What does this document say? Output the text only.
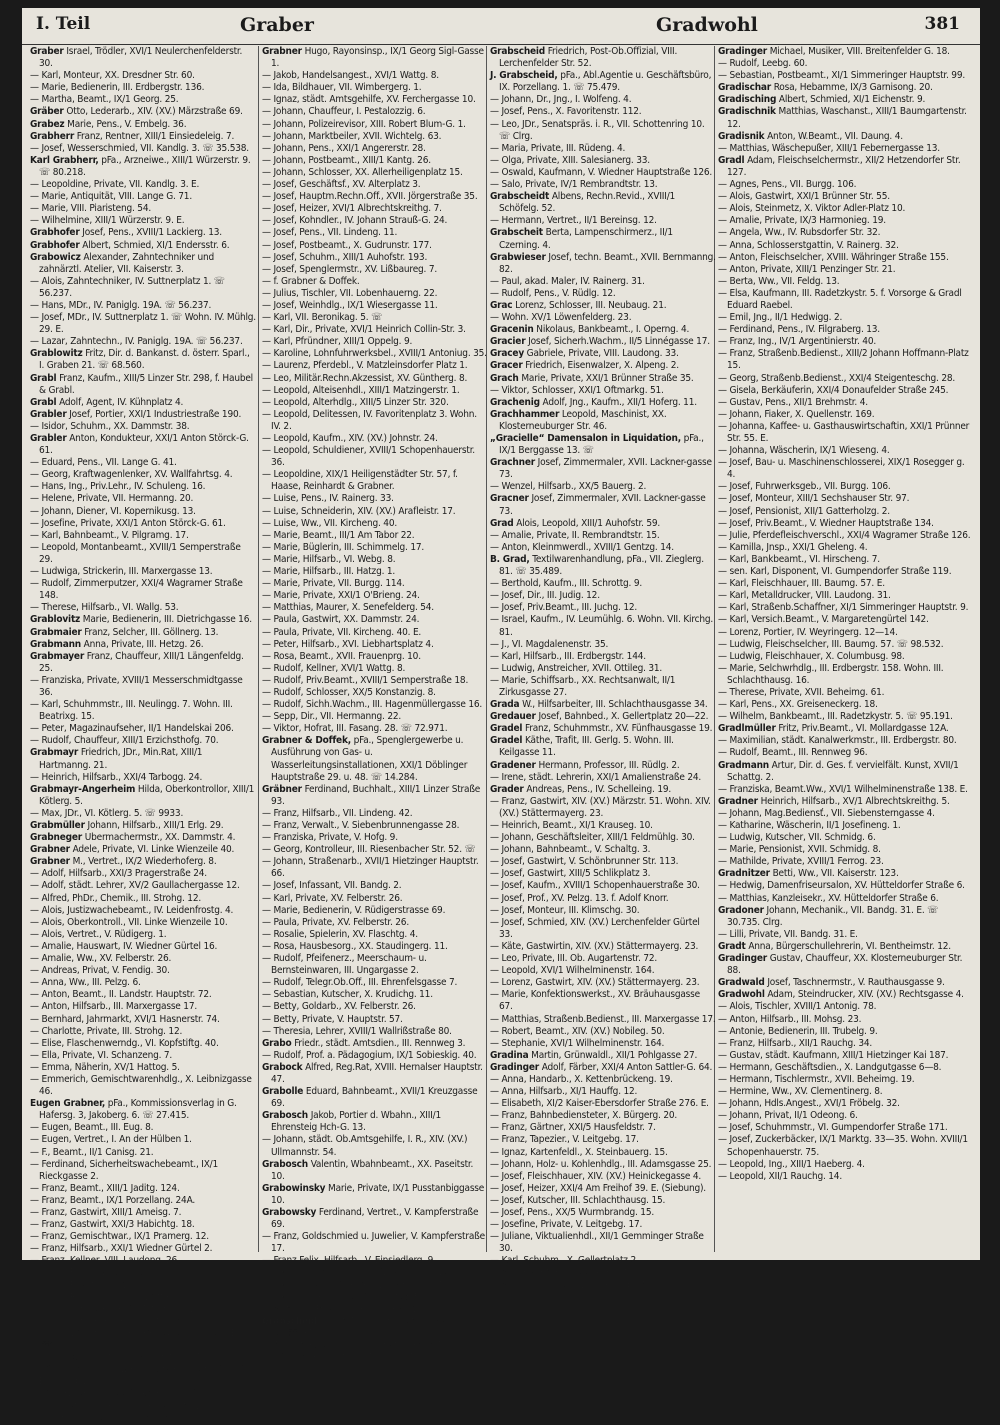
I. Teil	Graber	Gradwohl	381

Graber Israel, Trödler, XVI/1 Neulerchenfelderstr. 30.

— Karl, Monteur, XX. Dresdner Str. 60.

— Marie, Bedienerin, III. Erdbergstr. 136.

— Martha, Beamt., IX/1 Georg. 25.

Gräber Otto, Lederarb., XIV. (XV.) Märzstraße 69.

Grabez Marie, Pens., V. Embelg. 36.

Grabherr Franz, Rentner, XIII/1 Einsiedeleig. 7.

— Josef, Wesserschmied, VII. Kandlg. 3. ☏ 35.538.

Karl Grabherr, pFa., Arzneiwe., XIII/1 Würzerstr. 9. ☏ 80.218.

— Leopoldine, Private, VII. Kandlg. 3. E.

— Marie, Antiquität, VIII. Lange G. 71.

— Marie, VIII. Piaristeng. 54.

— Wilhelmine, XIII/1 Würzerstr. 9. E.

Grabhofer Josef, Pens., XVIII/1 Lackierg. 13.

Grabhofer Albert, Schmied, XI/1 Endersstr. 6.

Grabowicz Alexander, Zahntechniker und zahnärztl. Atelier, VII. Kaiserstr. 3.

— Alois, Zahntechniker, IV. Suttnerplatz 1. ☏ 56.237.

— Hans, MDr., IV. Paniglg. 19A. ☏ 56.237.

— Josef, MDr., IV. Suttnerplatz 1. ☏ Wohn. IV. Mühlg. 29. E.

— Lazar, Zahntechn., IV. Paniglg. 19A. ☏ 56.237.

Grablowitz Fritz, Dir. d. Bankanst. d. österr. Sparl., I. Graben 21. ☏ 68.560.

Grabl Franz, Kaufm., XIII/5 Linzer Str. 298, f. Haubel & Grabl.

Grabl Adolf, Agent, IV. Kühnplatz 4.

Grabler Josef, Portier, XXI/1 Industriestraße 190.

— Isidor, Schuhm., XX. Dammstr. 38.

Grabler Anton, Kondukteur, XXI/1 Anton Störck-G. 61.

— Eduard, Pens., VII. Lange G. 41.

— Georg, Kraftwagenlenker, XV. Wallfahrtsg. 4.

— Hans, Ing., Priv.Lehr., IV. Schuleng. 16.

— Helene, Private, VII. Hermanng. 20.

— Johann, Diener, VI. Kopernikusg. 13.

— Josefine, Private, XXI/1 Anton Störck-G. 61.

— Karl, Bahnbeamt., V. Pilgramg. 17.

— Leopold, Montanbeamt., XVIII/1 Semperstraße 29.

— Ludwiga, Strickerin, III. Marxergasse 13.

— Rudolf, Zimmerputzer, XXI/4 Wagramer Straße 148.

— Therese, Hilfsarb., VI. Wallg. 53.

Grablovitz Marie, Bedienerin, III. Dietrichgasse 16.

Grabmaier Franz, Selcher, III. Göllnerg. 13.

Grabmann Anna, Private, III. Hetzg. 26.

Grabmayer Franz, Chauffeur, XIII/1 Längenfeldg. 25.

— Franziska, Private, XVIII/1 Messerschmidtgasse 36.

— Karl, Schuhmmstr., III. Neulingg. 7. Wohn. III. Beatrixg. 15.

— Peter, Magazinaufseher, II/1 Handelskai 206.

— Rudolf, Chauffeur, XIII/1 Erzichsthofg. 70.

Grabmayr Friedrich, JDr., Min.Rat, XIII/1 Hartmanng. 21.

— Heinrich, Hilfsarb., XXI/4 Tarbogg. 24.

Grabmayr-Angerheim Hilda, Oberkontrollor, XIII/1 Kötlerg. 5.

— Max, JDr., VI. Kötlerg. 5. ☏ 9933.

Grabmüller Johann, Hilfsarb., XIII/1 Erlg. 29.

Grabneger Ubermachermstr., XX. Dammstr. 4.

Grabner Adele, Private, VI. Linke Wienzeile 40.

Grabner M., Vertret., IX/2 Wiederhoferg. 8.

— Adolf, Hilfsarb., XXI/3 Pragerstraße 24.

— Adolf, städt. Lehrer, XV/2 Gaullachergasse 12.

— Alfred, PhDr., Chemik., III. Strohg. 12.

— Alois, Justizwachebeamt., IV. Leidenfrostg. 4.

— Alois, Oberkontroll., VII. Linke Wienzeile 10.

— Alois, Vertret., V. Rüdigerg. 1.

— Amalie, Hauswart, IV. Wiedner Gürtel 16.

— Amalie, Ww., XV. Felberstr. 26.

— Andreas, Privat, V. Fendig. 30.

— Anna, Ww., III. Pelzg. 6.

— Anton, Beamt., II. Landstr. Hauptstr. 72.

— Anton, Hilfsarb., III. Marxergasse 17.

— Bernhard, Jahrmarkt, XVI/1 Hasnerstr. 74.

— Charlotte, Private, III. Strohg. 12.

— Elise, Flaschenwerndg., VI. Kopfstiftg. 40.

— Ella, Private, VI. Schanzeng. 7.

— Emma, Näherin, XV/1 Hattog. 5.

— Emmerich, Gemischtwarenhdlg., X. Leibnizgasse 46.

Eugen Grabner, pFa., Kommissionsverlag in G. Hafersg. 3, Jakoberg. 6. ☏ 27.415.

— Eugen, Beamt., III. Eug. 8.

— Eugen, Vertret., I. An der Hülben 1.

— F., Beamt., II/1 Canisg. 21.

— Ferdinand, Sicherheitswachebeamt., IX/1 Rieckgasse 2.

— Franz, Beamt., XIII/1 Jaditg. 124.

— Franz, Beamt., IX/1 Porzellang. 24A.

— Franz, Gastwirt, XIII/1 Ameisg. 7.

— Franz, Gastwirt, XXI/3 Habichtg. 18.

— Franz, Gemischtwar., IX/1 Pramerg. 12.

— Franz, Hilfsarb., XXI/1 Wiedner Gürtel 2.

— Franz, Kellner, VIII. Laudong. 26.

— Franz, Pens., IV. Rainerg. 16.

— Franz, Private, XIII/1 Johann Hoffmann-Platz 3.

— Franz, Restaurateur, III. Wafferg. 25.

— Franz, Schlosser, XII/1 Maternag. 32.

— Franz, Schneider, XIII/1 Jauferkeg. 9.

— Franz, Wagenschmied, XX. Rauscherstr. 27. E.

— ☏ 44.933.

— Franziska, Private, VII. Kaiserstr. 98. E.

— Gisela, Parfümeriewar. u. Kerzenverschl., XVIII/1 Blumeng. 20.

— Gustav, Beamt., XXI/1 Albrechtskreithg. 5.

— Hans, Steuermann, XX. Hellwagstr. 1.

— Heinrich, Pens., II/1 Josefineng. 1.

Grabner Hugo, Rayonsinsp., IX/1 Georg Sigl-Gasse 1.

— Jakob, Handelsangest., XVI/1 Wattg. 8.

— Ida, Bildhauer, VII. Wimbergerg. 1.

— Ignaz, städt. Amtsgehilfe, XV. Ferchergasse 10.

— Johann, Chauffeur, I. Pestalozzig. 6.

— Johann, Polizeirevisor, XIII. Robert Blum-G. 1.

— Johann, Marktbeiler, XVII. Wichtelg. 63.

— Johann, Pens., XXI/1 Angererstr. 28.

— Johann, Postbeamt., XIII/1 Kantg. 26.

— Johann, Schlosser, XX. Allerheiligenplatz 15.

— Josef, Geschäftsf., XV. Alterplatz 3.

— Josef, Hauptm.Rechn.Off., XVII. Jörgerstraße 35.

— Josef, Heizer, XVI/1 Albrechtskreithg. 7.

— Josef, Kohndler., IV. Johann Strauß-G. 24.

— Josef, Pens., VII. Lindeng. 11.

— Josef, Postbeamt., X. Gudrunstr. 177.

— Josef, Schuhm., XIII/1 Auhofstr. 193.

— Josef, Spenglermstr., XV. Lißbaureg. 7.

— f. Grabner & Doffek.

— Julius, Tischler, VII. Lobenhauerng. 22.

— Josef, Weinhdlg., IX/1 Wiesergasse 11.

— Karl, VII. Beronikag. 5. ☏

— Karl, Dir., Private, XVI/1 Heinrich Collin-Str. 3.

— Karl, Pfründner, XIII/1 Oppelg. 9.

— Karoline, Lohnfuhrwerksbel., XVIII/1 Antoniug. 35.

— Laurenz, Pferdebl., V. Matzleinsdorfer Platz 1.

— Leo, Militär.Rechn.Akzessist, XV. Güntherg. 8.

— Leopold, Alteisenhdl., XIII/1 Matzingerstr. 1.

— Leopold, Alterhdlg., XIII/5 Linzer Str. 320.

— Leopold, Delitessen, IV. Favoritenplatz 3. Wohn. IV. 2.

— Leopold, Kaufm., XIV. (XV.) Johnstr. 24.

— Leopold, Schuldiener, XVIII/1 Schopenhauerstr. 36.

— Leopoldine, XIX/1 Heiligenstädter Str. 57, f. Haase, Reinhardt & Grabner.

— Luise, Pens., IV. Rainerg. 33.

— Luise, Schneiderin, XIV. (XV.) Arafleistr. 17.

— Luise, Ww., VII. Kircheng. 40.

— Marie, Beamt., III/1 Am Tabor 22.

— Marie, Büglerin, III. Schimmelg. 17.

— Marie, Hilfsarb., VI. Webg. 8.

— Marie, Hilfsarb., III. Hatzg. 1.

— Marie, Private, VII. Burgg. 114.

— Marie, Private, XXI/1 O'Brieng. 24.

— Matthias, Maurer, X. Senefelderg. 54.

— Paula, Gastwirt, XX. Dammstr. 24.

— Paula, Private, VII. Kircheng. 40. E.

— Peter, Hilfsarb., XVI. Liebhartsplatz 4.

— Rosa, Beamt., XVII. Frauenprg. 10.

— Rudolf, Kellner, XVI/1 Wattg. 8.

— Rudolf, Priv.Beamt., XVIII/1 Semperstraße 18.

— Rudolf, Schlosser, XX/5 Konstanzig. 8.

— Rudolf, Sichh.Wachm., III. Hagenmüllergasse 16.

— Sepp, Dir., VII. Hermanng. 22.

— Viktor, Hofrat, III. Fasang. 28. ☏ 72.971.

Grabner & Doffek, pFa., Spenglergewerbe u. Ausführung von Gas- u. Wasserleitungsinstallationen, XXI/1 Döblinger Hauptstraße 29. u. 48. ☏ 14.284.

Gräbner Ferdinand, Buchhalt., XIII/1 Linzer Straße 93.

— Franz, Hilfsarb., VII. Lindeng. 42.

— Franz, Verwalt., V. Siebenbrunnengasse 28.

— Franziska, Private, V. Hofg. 9.

— Georg, Kontrolleur, III. Riesenbacher Str. 52. ☏

— Johann, Straßenarb., XVII/1 Hietzinger Hauptstr. 66.

— Josef, Infassant, VII. Bandg. 2.

— Karl, Private, XV. Felberstr. 26.

— Marie, Bedienerin, V. Rüdigerstrasse 69.

— Paula, Private, XV. Felberstr. 26.

— Rosalie, Spielerin, XV. Flaschtg. 4.

— Rosa, Hausbesorg., XX. Staudingerg. 11.

— Rudolf, Pfeifenerz., Meerschaum- u. Bernsteinwaren, III. Ungargasse 2.

— Rudolf, Telegr.Ob.Off., III. Ehrenfelsgasse 7.

— Sebastian, Kutscher, X. Krudichg. 11.

— Betty, Goldarb., XV. Felberstr. 26.

— Betty, Private, V. Hauptstr. 57.

— Theresia, Lehrer, XVIII/1 Wallrißstraße 80.

Grabo Friedr., städt. Amtsdien., III. Rennweg 3.

— Rudolf, Prof. a. Pädagogium, IX/1 Sobieskig. 40.

Grabock Alfred, Reg.Rat, XVIII. Hernalser Hauptstr. 47.

Grabolle Eduard, Bahnbeamt., XVII/1 Kreuzgasse 69.

Grabosch Jakob, Portier d. Wbahn., XIII/1 Ehrensteig Hch-G. 13.

— Johann, städt. Ob.Amtsgehilfe, I. R., XIV. (XV.) Ullmannstr. 54.

Grabosch Valentin, Wbahnbeamt., XX. Paseitstr. 10.

Grabowinsky Marie, Private, IX/1 Pusstanbiggasse 10.

Grabowsky Ferdinand, Vertret., V. Kampferstraße 69.

— Franz, Goldschmied u. Juwelier, V. Kampferstraße 17.

— Franz Felix, Hilfsarb., V. Einsiedlerg. 9.

— Leopold, Wbahnbeamt., IV. Schelleng. 22.

— Leopold, Schneider, XIII/1 Hochsatzg. 7.

— Leopoldine, Ww., XIII/1 Auhofstr. 55.

— Matthias, Friseur, V. Hausalabg. 18.

Grabscheid Albert, MDr., Zahnarzt, III. Steinerng. 12. ☏ 97.081.

— August, Kassenerz., X. Senefelderg. 67.

— Friederike, Private, III. Fasang 17.

Grabscheid Friedrich, Post-Ob.Offizial, VIII. Lerchenfelder Str. 52.

J. Grabscheid, pFa., Abl.Agentie u. Geschäftsbüro, IX. Porzellang. 1. ☏ 75.479.

— Johann, Dr., Jng., I. Wolfeng. 4.

— Josef, Pens., X. Favoritenstr. 112.

— Leo, JDr., Senatspräs. i. R., VII. Schottenring 10. ☏ Clrg.

— Maria, Private, III. Rüdeng. 4.

— Olga, Private, XIII. Salesianerg. 33.

— Oswald, Kaufmann, V. Wiedner Hauptstraße 126.

— Salo, Private, IV/1 Rembrandtstr. 13.

Grabscheidt Albens, Rechn.Revid., XVIII/1 Schöfelg. 52.

— Hermann, Vertret., II/1 Bereinsg. 12.

Grabscheit Berta, Lampenschirmerz., II/1 Czerning. 4.

Grabwieser Josef, techn. Beamt., XVII. Bernmanng. 82.

— Paul, akad. Maler, IV. Rainerg. 31.

— Rudolf, Pens., V. Rüdlg. 12.

Grac Lorenz, Schlosser, III. Neubaug. 21.

— Wohn. XV/1 Löwenfelderg. 23.

Gracenin Nikolaus, Bankbeamt., I. Operng. 4.

Gracier Josef, Sicherh.Wachm., II/5 Linnégasse 17.

Gracey Gabriele, Private, VIII. Laudong. 33.

Gracer Friedrich, Eisenwalzer, X. Alpeng. 2.

Grach Marie, Private, XXI/1 Brünner Straße 35.

— Viktor, Schlosser, XXI/1 Oftmarkg. 51.

Grachenig Adolf, Jng., Kaufm., XII/1 Hoferg. 11.

Grachhammer Leopold, Maschinist, XX. Klosterneuburger Str. 46.

„Gracielle“ Damensalon in Liquidation, pFa., IX/1 Berggasse 13. ☏

Grachner Josef, Zimmermaler, XVII. Lackner-gasse 73.

— Wenzel, Hilfsarb., XX/5 Bauerg. 2.

Gracner Josef, Zimmermaler, XVII. Lackner-gasse 73.

Grad Alois, Leopold, XIII/1 Auhofstr. 59.

— Amalie, Private, II. Rembrandtstr. 15.

— Anton, Kleinmwerdl., XVIII/1 Gentzg. 14.

B. Grad, Textilwarenhandlung, pFa., VII. Zieglerg. 81. ☏ 35.489.

— Berthold, Kaufm., III. Schrottg. 9.

— Josef, Dir., III. Judig. 12.

— Josef, Priv.Beamt., III. Juchg. 12.

— Israel, Kaufm., IV. Leumühlg. 6. Wohn. VII. Kirchg. 81.

— J., VI. Magdalenenstr. 35.

— Karl, Hilfsarb., III. Erdbergstr. 144.

— Ludwig, Anstreicher, XVII. Ottileg. 31.

— Marie, Schiffsarb., XX. Rechtsanwalt, II/1 Zirkusgasse 27.

Grada W., Hilfsarbeiter, III. Schlachthausgasse 34.

Gredauer Josef, Bahnbed., X. Gellertplatz 20—22.

Gradel Franz, Schuhmmstr., XV. Fünfhausgasse 19.

Gradel Käthe, Trafit, III. Gerlg. 5. Wohn. III. Keilgasse 11.

Gradener Hermann, Professor, III. Rüdlg. 2.

— Irene, städt. Lehrerin, XXI/1 Amalienstraße 24.

Grader Andreas, Pens., IV. Schelleing. 19.

— Franz, Gastwirt, XIV. (XV.) Märzstr. 51. Wohn. XIV. (XV.) Stättermayerg. 23.

— Heinrich, Beamt., XI/1 Krauseg. 10.

— Johann, Geschäftsleiter, XIII/1 Feldmühlg. 30.

— Johann, Bahnbeamt., V. Schaltg. 3.

— Josef, Gastwirt, V. Schönbrunner Str. 113.

— Josef, Gastwirt, XIII/5 Schlikplatz 3.

— Josef, Kaufm., XVIII/1 Schopenhauerstraße 30.

— Josef, Prof., XV. Pelzg. 13. f. Adolf Knorr.

— Josef, Monteur, III. Klimschg. 30.

— Josef, Schmied, XIV. (XV.) Lerchenfelder Gürtel 33.

— Käte, Gastwirtin, XIV. (XV.) Stättermayerg. 23.

— Leo, Private, III. Ob. Augartenstr. 72.

— Leopold, XVI/1 Wilhelminenstr. 164.

— Lorenz, Gastwirt, XIV. (XV.) Stättermayerg. 23.

— Marie, Konfektionswerkst., XV. Bräuhausgasse 67.

— Matthias, Straßenb.Bedienst., III. Marxergasse 17.

— Robert, Beamt., XIV. (XV.) Nobileg. 50.

— Stephanie, XVI/1 Wilhelminenstr. 164.

Gradina Martin, Grünwaldl., XII/1 Pohlgasse 27.

Gradinger Adolf, Färber, XXI/4 Anton Sattler-G. 64.

— Anna, Handarb., X. Kettenbrückeng. 19.

— Anna, Hilfsarb., XI/1 Hauffg. 12.

— Elisabeth, XI/2 Kaiser-Ebersdorfer Straße 276. E.

— Franz, Bahnbediensteter, X. Bürgerg. 20.

— Franz, Gärtner, XXI/5 Hausfeldstr. 7.

— Franz, Tapezier., V. Leitgebg. 17.

— Ignaz, Kartenfeldl., X. Steinbauerg. 15.

— Johann, Holz- u. Kohlenhdlg., III. Adamsgasse 25.

— Josef, Fleischhauer, XIV. (XV.) Heinickegasse 4.

— Josef, Heizer, XXI/4 Am Freihof 39. E. (Siebung).

— Josef, Kutscher, III. Schlachthausg. 15.

— Josef, Pens., XX/5 Wurmbrandg. 15.

— Josefine, Private, V. Leitgebg. 17.

— Juliane, Viktualienhdl., XII/1 Gemminger Straße 30.

— Karl, Schuhm., X. Gellertplatz 2.

— Marie, Gärtnerei, XXI/4 Hausfeldstr. 7. E.

— Maximilian, Jnsp., V. Johannag. 1A.

Gradinger Michael, Musiker, VIII. Breitenfelder G. 18.

— Rudolf, Leebg. 60.

— Sebastian, Postbeamt., XI/1 Simmeringer Hauptstr. 99.

Gradischar Rosa, Hebamme, IX/3 Garnisong. 20.

Gradisching Albert, Schmied, XI/1 Eichenstr. 9.

Gradischnik Matthias, Waschanst., XIII/1 Baumgartenstr. 12.

Gradisnik Anton, W.Beamt., VII. Daung. 4.

— Matthias, Wäschepußer, XIII/1 Febernergasse 13.

Gradl Adam, Fleischselchermstr., XII/2 Hetzendorfer Str. 127.

— Agnes, Pens., VII. Burgg. 106.

— Alois, Gastwirt, XXI/1 Brünner Str. 55.

— Alois, Steinmetz, X. Viktor Adler-Platz 10.

— Amalie, Private, IX/3 Harmonieg. 19.

— Angela, Ww., IV. Rubsdorfer Str. 32.

— Anna, Schlosserstgattin, V. Rainerg. 32.

— Anton, Fleischselcher, XVIII. Währinger Straße 155.

— Anton, Private, XIII/1 Penzinger Str. 21.

— Berta, Ww., VII. Feldg. 13.

— Elsa, Kaufmann, III. Radetzkystr. 5. f. Vorsorge & Gradl Eduard Raebel.

— Emil, Jng., II/1 Hedwigg. 2.

— Ferdinand, Pens., IV. Filgraberg. 13.

— Franz, Ing., IV/1 Argentinierstr. 40.

— Franz, Straßenb.Bedienst., XIII/2 Johann Hoffmann-Platz 15.

— Georg, Straßenb.Bedienst., XXI/4 Steigenteschg. 28.

— Gisela, Berkäuferin, XXI/4 Donaufelder Straße 245.

— Gustav, Pens., XII/1 Brehmstr. 4.

— Johann, Fiaker, X. Quellenstr. 169.

— Johanna, Kaffee- u. Gasthauswirtschaftin, XXI/1 Prünner Str. 55. E.

— Johanna, Wäscherin, IX/1 Wieseng. 4.

— Josef, Bau- u. Maschinenschlosserei, XIX/1 Rosegger g. 4.

— Josef, Fuhrwerksgeb., VII. Burgg. 106.

— Josef, Monteur, XIII/1 Sechshauser Str. 97.

— Josef, Pensionist, XII/1 Gatterholzg. 2.

— Josef, Priv.Beamt., V. Wiedner Hauptstraße 134.

— Julie, Pferdefleischverschl., XXI/4 Wagramer Straße 126.

— Kamilla, Jnsp., XXI/1 Gheleng. 4.

— Karl, Bankbeamt., VI. Hirscheng. 7.

— sen. Karl, Disponent, VI. Gumpendorfer Straße 119.

— Karl, Fleischhauer, III. Baumg. 57. E.

— Karl, Metalldrucker, VIII. Laudong. 31.

— Karl, Straßenb.Schaffner, XI/1 Simmeringer Hauptstr. 9.

— Karl, Versich.Beamt., V. Margaretengürtel 142.

— Lorenz, Portier, IV. Weyringerg. 12—14.

— Ludwig, Fleischselcher, III. Baumg. 57. ☏ 98.532.

— Ludwig, Fleischhauer, X. Columbusg. 98.

— Marie, Selchwrhdlg., III. Erdbergstr. 158. Wohn. III. Schlachthausg. 16.

— Therese, Private, XVII. Beheimg. 61.

— Karl, Pens., XX. Greiseneckerg. 18.

— Wilhelm, Bankbeamt., III. Radetzkystr. 5. ☏ 95.191.

Gradlmüller Fritz, Priv.Beamt., VI. Mollardgasse 12A.

— Maximilian, städt. Kanalwerkmstr., III. Erdbergstr. 80.

— Rudolf, Beamt., III. Rennweg 96.

Gradmann Artur, Dir. d. Ges. f. vervielfält. Kunst, XVII/1 Schattg. 2.

— Franziska, Beamt.Ww., XVI/1 Wilhelminenstraße 138. E.

Gradner Heinrich, Hilfsarb., XV/1 Albrechtskreithg. 5.

— Johann, Mag.Bediensť., VII. Siebensterngasse 4.

— Katharine, Wäscherin, II/1 Josefineng. 1.

— Ludwig, Kutscher, VII. Schmidg. 6.

— Marie, Pensionist, XVII. Schmidg. 8.

— Mathilde, Private, XVIII/1 Ferrog. 23.

Gradnitzer Betti, Ww., VII. Kaiserstr. 123.

— Hedwig, Damenfriseursalon, XV. Hütteldorfer Straße 6.

— Matthias, Kanzleisekr., XV. Hütteldorfer Straße 6.

Gradoner Johann, Mechanik., VII. Bandg. 31. E. ☏ 30.735. Clrg.

— Lilli, Private, VII. Bandg. 31. E.

Gradt Anna, Bürgerschullehrerin, VI. Bentheimstr. 12.

Gradinger Gustav, Chauffeur, XX. Klosterneuburger Str. 88.

Gradwald Josef, Taschnermstr., V. Rauthausgasse 9.

Gradwohl Adam, Steindrucker, XIV. (XV.) Rechtsgasse 4.

— Alois, Tischler, XVIII/1 Antonig. 78.

— Anton, Hilfsarb., III. Mohsg. 23.

— Antonie, Bedienerin, III. Trubelg. 9.

— Franz, Hilfsarb., XII/1 Rauchg. 34.

— Gustav, städt. Kaufmann, XIII/1 Hietzinger Kai 187.

— Hermann, Geschäftsdien., X. Landgutgasse 6—8.

— Hermann, Tischlermstr., XVII. Beheimg. 19.

— Hermine, Ww., XV. Clementinerg. 8.

— Johann, Hdls.Angest., XVI/1 Fröbelg. 32.

— Johann, Privat, II/1 Odeong. 6.

— Josef, Schuhmmstr., VI. Gumpendorfer Straße 171.

— Josef, Zuckerbäcker, IX/1 Marktg. 33—35. Wohn. XVIII/1 Schopenhauerstr. 75.

— Leopold, Ing., XIII/1 Haeberg. 4.

— Leopold, XII/1 Rauchg. 14.
